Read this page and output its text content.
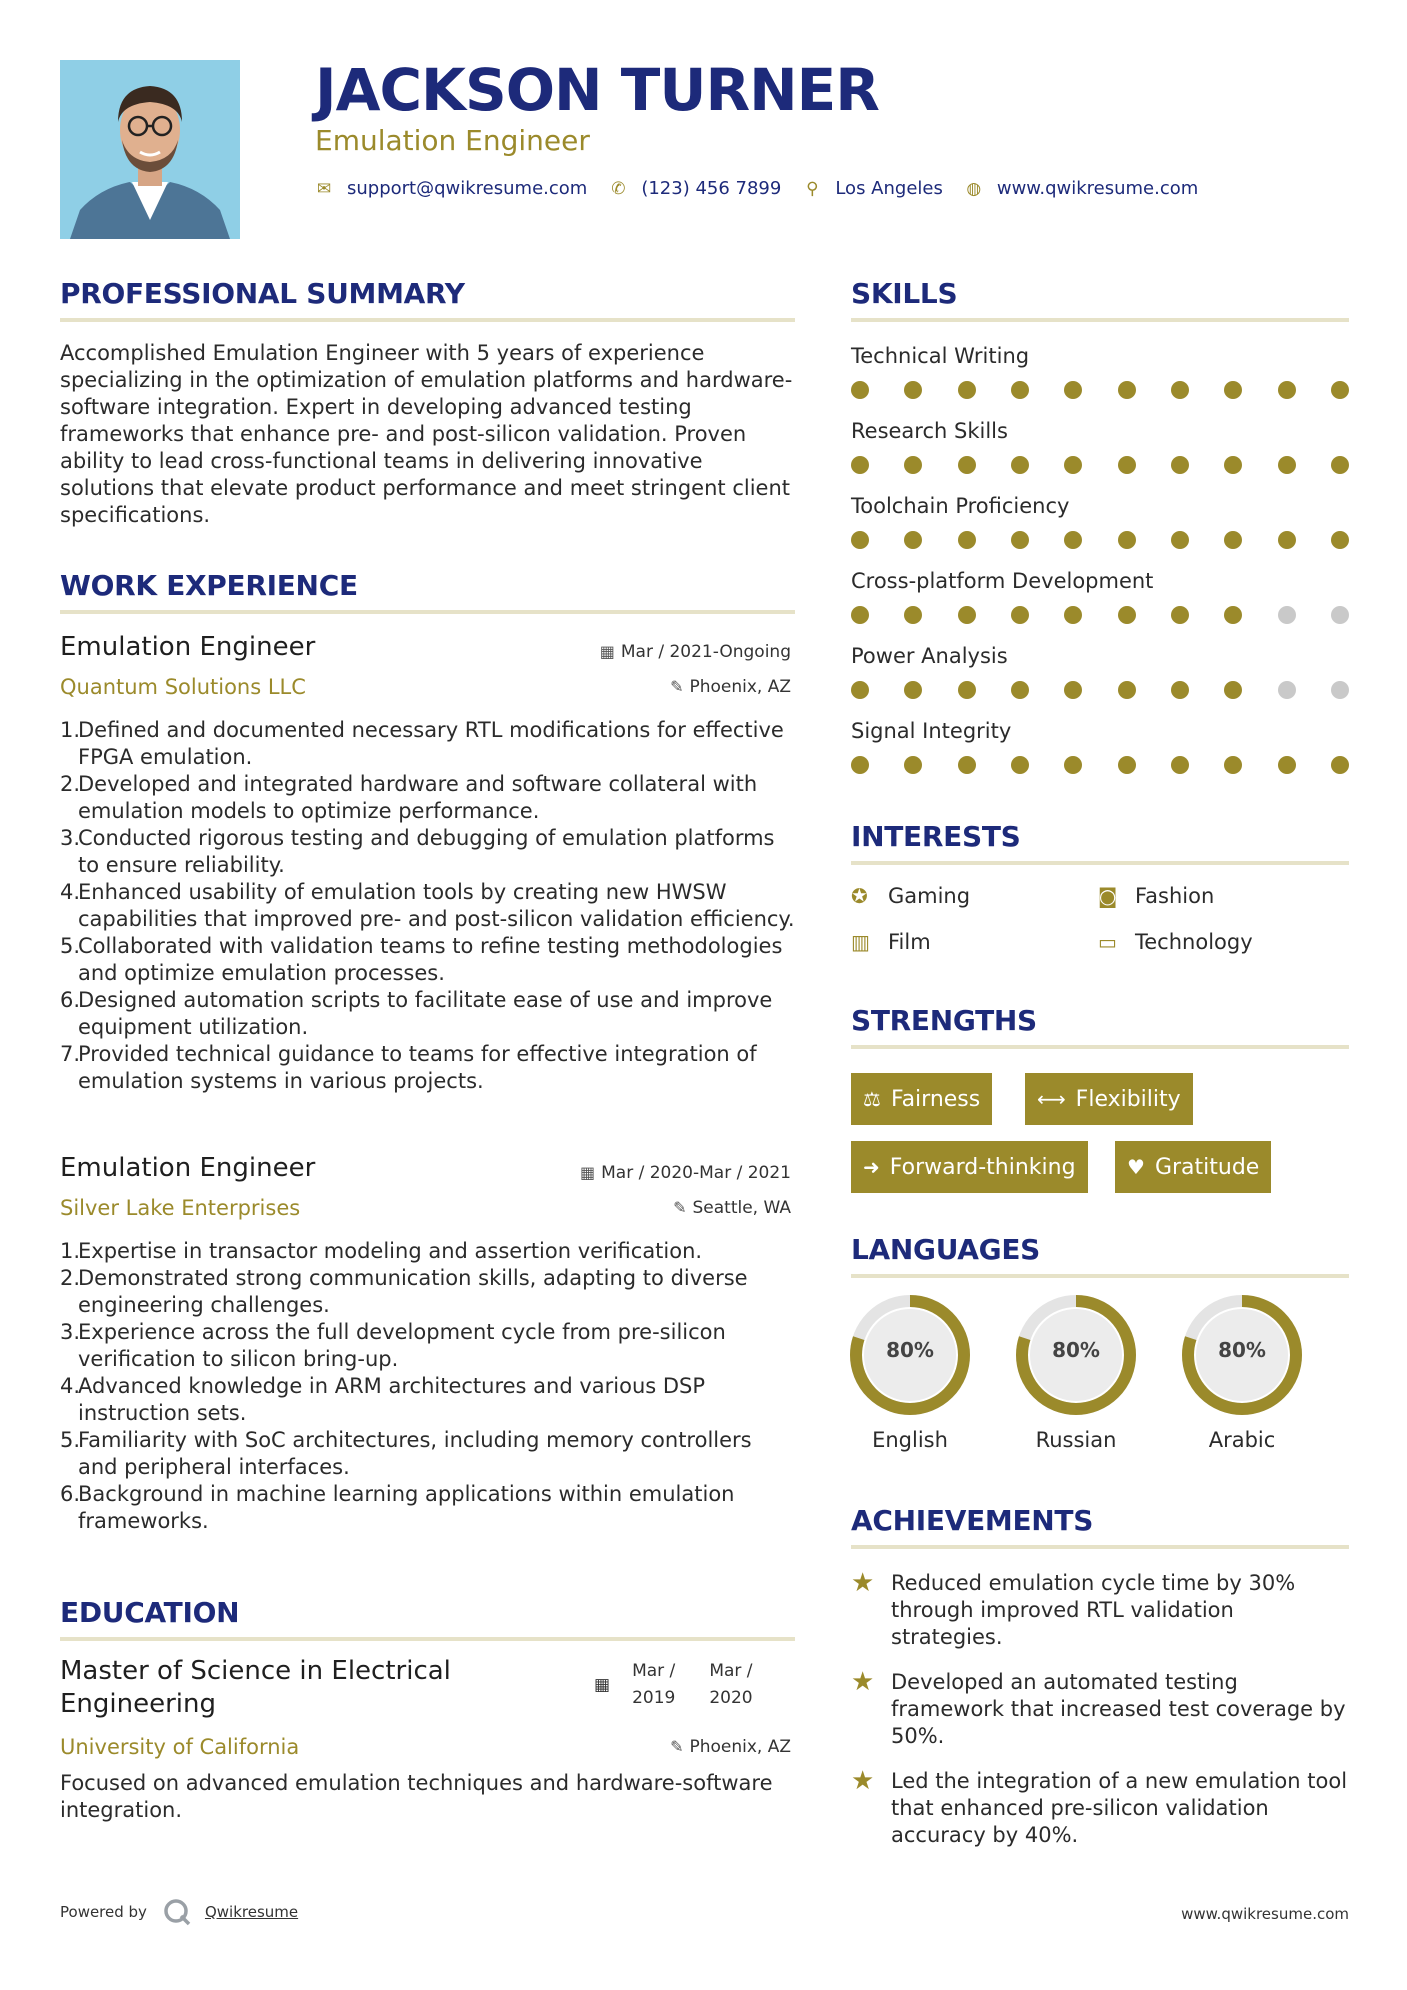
JACKSON TURNER
Emulation Engineer
✉ support@qwikresume.com ✆ (123) 456 7899 ⚲ Los Angeles ◍ www.qwikresume.com
PROFESSIONAL SUMMARY
Accomplished Emulation Engineer with 5 years of experience specializing in the optimization of emulation platforms and hardware-software integration. Expert in developing advanced testing frameworks that enhance pre- and post-silicon validation. Proven ability to lead cross-functional teams in delivering innovative solutions that elevate product performance and meet stringent client specifications.
WORK EXPERIENCE
Emulation Engineer	▦ Mar / 2021-Ongoing
Quantum Solutions LLC	✎ Phoenix, AZ
1.
Defined and documented necessary RTL modifications for effective FPGA emulation.
2.
Developed and integrated hardware and software collateral with emulation models to optimize performance.
3.
Conducted rigorous testing and debugging of emulation platforms to ensure reliability.
4.
Enhanced usability of emulation tools by creating new HWSW capabilities that improved pre- and post-silicon validation efficiency.
5.
Collaborated with validation teams to refine testing methodologies and optimize emulation processes.
6.
Designed automation scripts to facilitate ease of use and improve equipment utilization.
7.
Provided technical guidance to teams for effective integration of emulation systems in various projects.
Emulation Engineer	▦ Mar / 2020-Mar / 2021
Silver Lake Enterprises	✎ Seattle, WA
1.
Expertise in transactor modeling and assertion verification.
2.
Demonstrated strong communication skills, adapting to diverse engineering challenges.
3.
Experience across the full development cycle from pre-silicon verification to silicon bring-up.
4.
Advanced knowledge in ARM architectures and various DSP instruction sets.
5.
Familiarity with SoC architectures, including memory controllers and peripheral interfaces.
6.
Background in machine learning applications within emulation frameworks.
EDUCATION
Master of Science in Electrical Engineering
▦
Mar /
2019
Mar /
2020
University of California	✎ Phoenix, AZ
Focused on advanced emulation techniques and hardware-software integration.
SKILLS
Technical Writing
Research Skills
Toolchain Proficiency
Cross-platform Development
Power Analysis
Signal Integrity
INTERESTS
✪ Gaming	◙ Fashion
▥ Film	▭ Technology
STRENGTHS
⚖ Fairness	⟷ Flexibility
➜ Forward-thinking	♥ Gratitude
LANGUAGES
80%
English
80%
Russian
80%
Arabic
ACHIEVEMENTS
★ Reduced emulation cycle time by 30% through improved RTL validation strategies.
★ Developed an automated testing framework that increased test coverage by 50%.
★ Led the integration of a new emulation tool that enhanced pre-silicon validation accuracy by 40%.
Powered by	Qwikresume	www.qwikresume.com
